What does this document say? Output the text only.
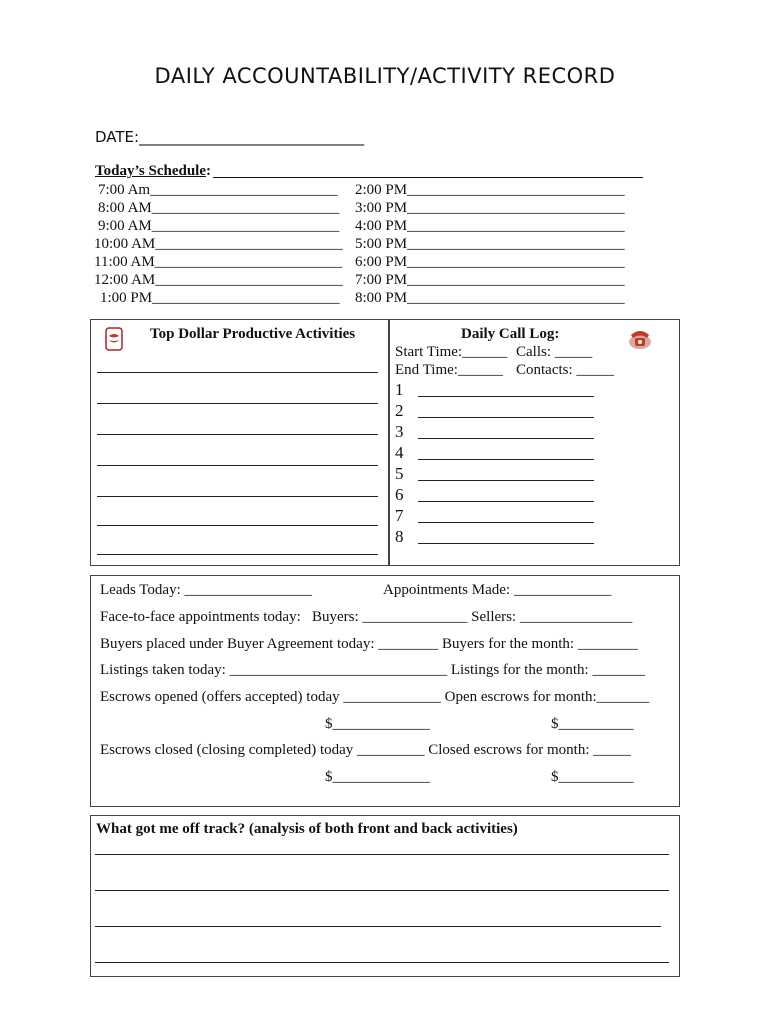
DAILY ACCOUNTABILITY/ACTIVITY RECORD
DATE:______________________________
Today’s Schedule:
7:00 Am_________________________
8:00 AM_________________________
9:00 AM_________________________
10:00 AM_________________________
11:00 AM_________________________
12:00 AM_________________________
1:00 PM_________________________
2:00 PM_____________________________
3:00 PM_____________________________
4:00 PM_____________________________
5:00 PM_____________________________
6:00 PM_____________________________
7:00 PM_____________________________
8:00 PM_____________________________
Top Dollar Productive Activities	Daily Call Log:
Start Time:______ Calls: _____
End Time:______ Contacts: _____
1
2
3
4
5
6
7
8
Leads Today: _________________	Appointments Made: _____________
Face-to-face appointments today:   Buyers: ______________ Sellers: _______________
Buyers placed under Buyer Agreement today: ________ Buyers for the month: ________
Listings taken today: _____________________________ Listings for the month: _______
Escrows opened (offers accepted) today _____________ Open escrows for month:_______
$_____________	$__________
Escrows closed (closing completed) today _________ Closed escrows for month: _____
$_____________	$__________
What got me off track? (analysis of both front and back activities)
